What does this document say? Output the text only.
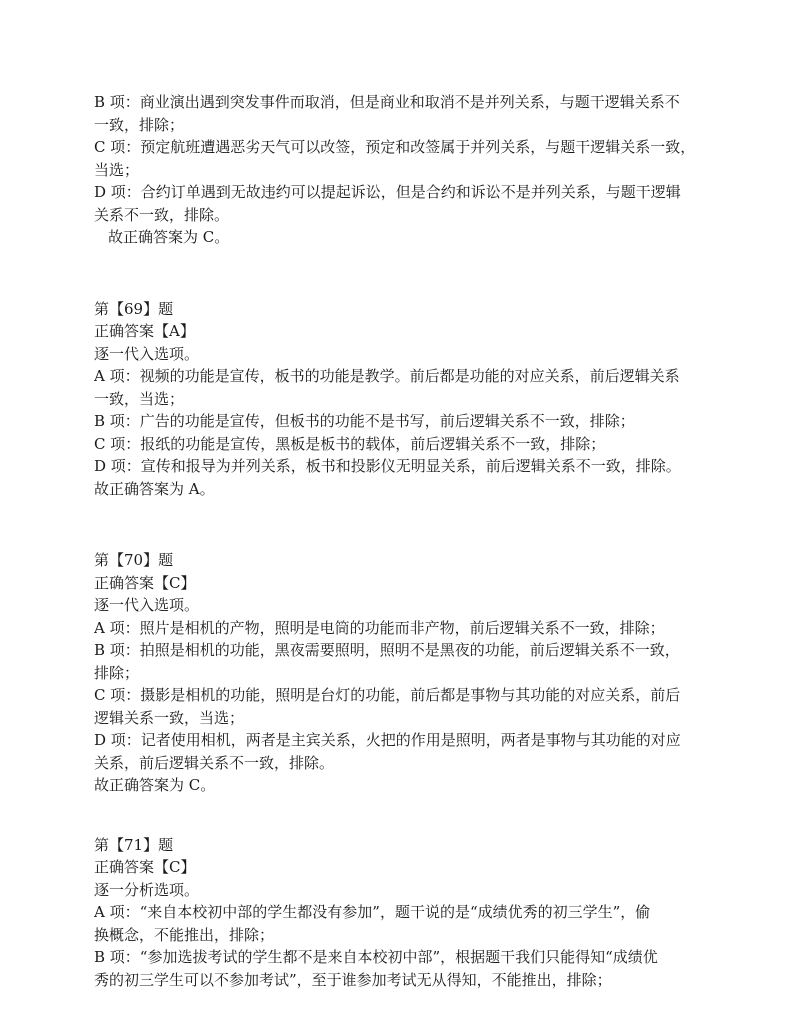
B 项：商业演出遇到突发事件而取消，但是商业和取消不是并列关系，与题干逻辑关系不
一致，排除；
C 项：预定航班遭遇恶劣天气可以改签，预定和改签属于并列关系，与题干逻辑关系一致，
当选；
D 项：合约订单遇到无故违约可以提起诉讼，但是合约和诉讼不是并列关系，与题干逻辑
关系不一致，排除。
故正确答案为 C。
第【69】题
正确答案【A】
逐一代入选项。
A 项：视频的功能是宣传，板书的功能是教学。前后都是功能的对应关系，前后逻辑关系
一致，当选；
B 项：广告的功能是宣传，但板书的功能不是书写，前后逻辑关系不一致，排除；
C 项：报纸的功能是宣传，黑板是板书的载体，前后逻辑关系不一致，排除；
D 项：宣传和报导为并列关系，板书和投影仪无明显关系，前后逻辑关系不一致，排除。
故正确答案为 A。
第【70】题
正确答案【C】
逐一代入选项。
A 项：照片是相机的产物，照明是电筒的功能而非产物，前后逻辑关系不一致，排除；
B 项：拍照是相机的功能，黑夜需要照明，照明不是黑夜的功能，前后逻辑关系不一致，
排除；
C 项：摄影是相机的功能，照明是台灯的功能，前后都是事物与其功能的对应关系，前后
逻辑关系一致，当选；
D 项：记者使用相机，两者是主宾关系，火把的作用是照明，两者是事物与其功能的对应
关系，前后逻辑关系不一致，排除。
故正确答案为 C。
第【71】题
正确答案【C】
逐一分析选项。
A 项：“来自本校初中部的学生都没有参加”，题干说的是“成绩优秀的初三学生”，偷
换概念，不能推出，排除；
B 项：“参加选拔考试的学生都不是来自本校初中部”，根据题干我们只能得知“成绩优
秀的初三学生可以不参加考试”，至于谁参加考试无从得知，不能推出，排除；
